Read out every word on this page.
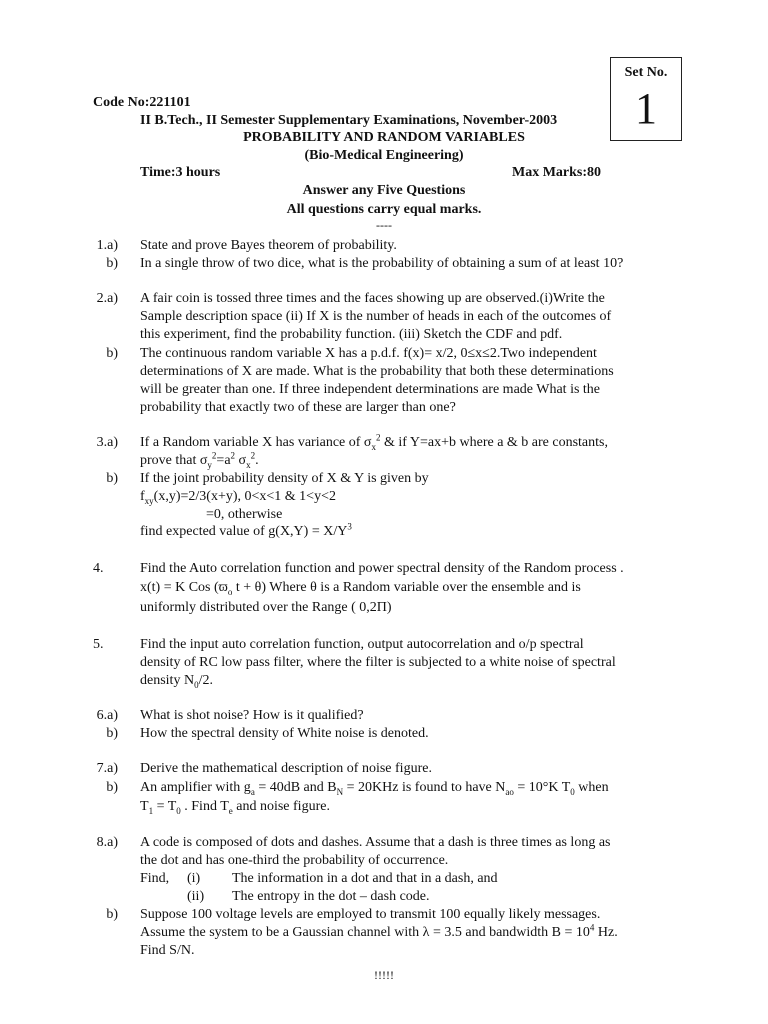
Set No.
1
Code No:221101
II B.Tech., II Semester Supplementary Examinations, November-2003
PROBABILITY AND RANDOM VARIABLES
(Bio-Medical Engineering)
Time:3 hours	Max Marks:80
Answer any Five Questions
All questions carry equal marks.
----
1.a) State and prove Bayes theorem of probability.
b) In a single throw of two dice, what is the probability of obtaining a sum of at least 10?
2.a) A fair coin is tossed three times and the faces showing up are observed.(i)Write the
Sample description space (ii) If X is the number of heads in each of the outcomes of
this experiment, find the probability function. (iii) Sketch the CDF and pdf.
b) The continuous random variable X has a p.d.f. f(x)= x/2, 0≤x≤2.Two independent
determinations of X are made. What is the probability that both these determinations
will be greater than one. If three independent determinations are made What is the
probability that exactly two of these are larger than one?
3.a) If a Random variable X has variance of $\sigma_x^2$ & if Y=ax+b where a & b are constants,
prove that $\sigma_y^2=a^2$ $\sigma_x^2$.
b) If the joint probability density of X & Y is given by
$f_{xy}(x,y)=2/3(x+y)$, 0<x<1 & 1<y<2
=0, otherwise
find expected value of $g(X,Y) = X/Y^3$
4.	Find the Auto correlation function and power spectral density of the Random process .
x(t) = K Cos ($ϖ_o$ t + θ) Where θ is a Random variable over the ensemble and is
uniformly distributed over the Range ( 0,2Π)
5.	Find the input auto correlation function, output autocorrelation and o/p spectral
density of RC low pass filter, where the filter is subjected to a white noise of spectral
density $N_0/2$.
6.a) What is shot noise? How is it qualified?
b) How the spectral density of White noise is denoted.
7.a) Derive the mathematical description of noise figure.
b) An amplifier with $g_a = 40dB$ and $B_N = 20KHz$ is found to have $N_{ao} = 10^\circ K$ $T_0$ when
$T_1 = T_0$ . Find $T_e$ and noise figure.
8.a) A code is composed of dots and dashes. Assume that a dash is three times as long as
the dot and has one-third the probability of occurrence.
Find, (i) The information in a dot and that in a dash, and
(ii) The entropy in the dot – dash code.
b) Suppose 100 voltage levels are employed to transmit 100 equally likely messages.
Assume the system to be a Gaussian channel with λ = 3.5 and bandwidth $B = 10^4$ Hz.
Find S/N.
!!!!!
